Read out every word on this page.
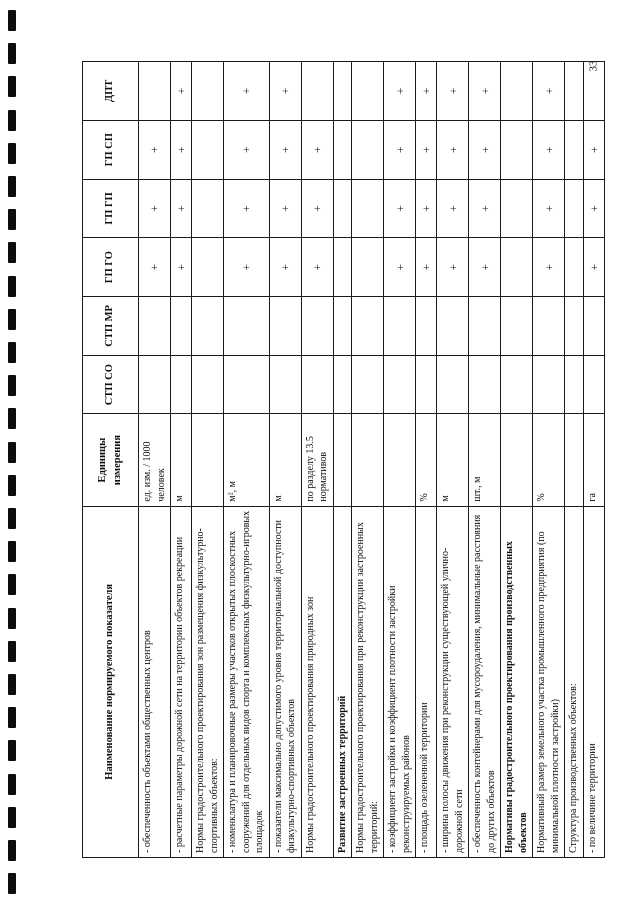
33
Наименование нормируемого показателя	Единицы измерения	СТП СО	СТП МР	ГП ГО	ГП ГП	ГП СП	ДПТ
- обеспеченность объектами общественных центров	ед. изм. / 1000 человек			+	+	+	
- расчетные параметры дорожной сети на территории объектов рекреации	м			+	+	+	+
Нормы градостроительного проектирования зон размещения физкультурно-спортивных объектов:							
- номенклатура и планировочные размеры участков открытых плоскостных сооружений для отдельных видов спорта и комплексных физкультурно-игровых площадок	м², м			+	+	+	+
- показатели максимально допустимого уровня территориальной доступности физкультурно-спортивных объектов	м			+	+	+	+
Нормы градостроительного проектирования природных зон	по разделу 13.5 нормативов			+	+	+	
Развитие застроенных территорий							
Нормы градостроительного проектирования при реконструкции застроенных территорий:							
- коэффициент застройки и коэффициент плотности застройки реконструируемых районов				+	+	+	+
- площадь озелененной территории	%			+	+	+	+
- ширина полосы движения при реконструкции существующей улично-дорожной сети	м			+	+	+	+
- обеспеченность контейнерами для мусороудаления, минимальные расстояния до других объектов	шт., м			+	+	+	+
Нормативы градостроительного проектирования производственных объектов							
Нормативный размер земельного участка промышленного предприятия (по минимальной плотности застройки)	%			+	+	+	+
Структура производственных объектов:							
- по величине территории	га			+	+	+	
